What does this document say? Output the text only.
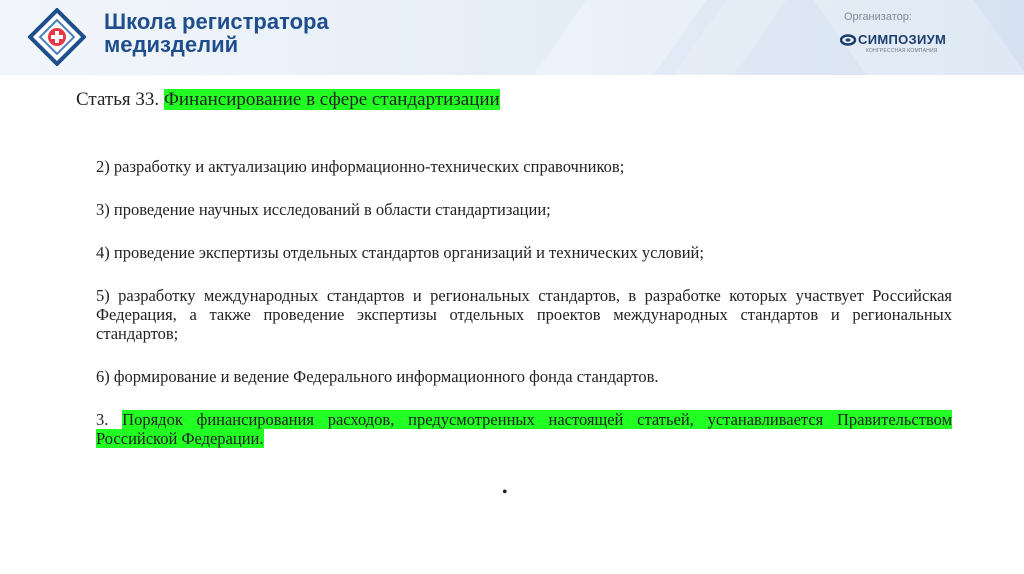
Школа регистратора
медизделий
Организатор:
СИМПОЗИУМ
КОНГРЕССНАЯ КОМПАНИЯ
Статья 33. Финансирование в сфере стандартизации

2) разработку и актуализацию информационно-технических справочников;

3) проведение научных исследований в области стандартизации;

4) проведение экспертизы отдельных стандартов организаций и технических условий;

5) разработку международных стандартов и региональных стандартов, в разработке которых участвует Российская Федерация, а также проведение экспертизы отдельных проектов международных стандартов и региональных стандартов;

6) формирование и ведение Федерального информационного фонда стандартов.

3. Порядок финансирования расходов, предусмотренных настоящей статьей, устанавливается Правительством Российской Федерации.

•
